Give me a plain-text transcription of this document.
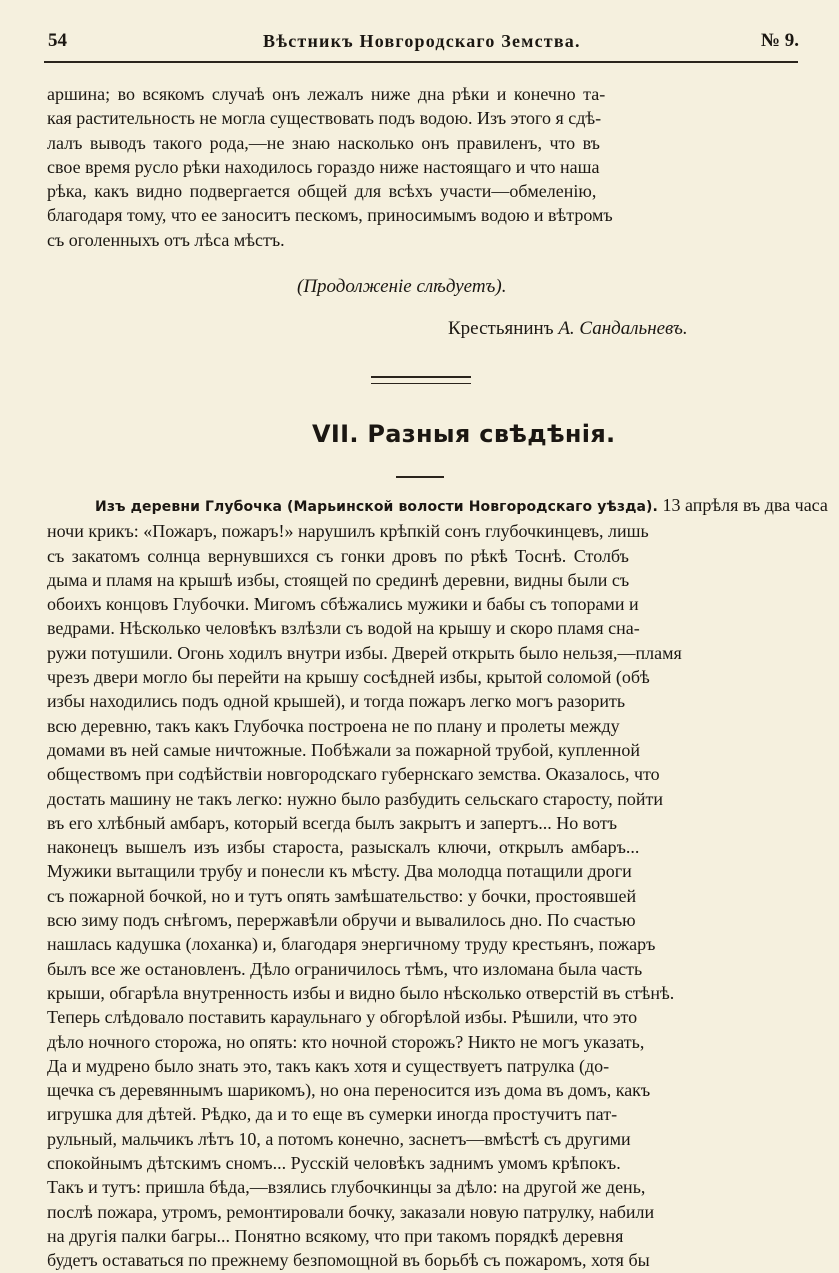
54	Вѣстникъ Новгородскаго Земства.	№ 9.

аршина; во всякомъ случаѣ онъ лежалъ ниже дна рѣки и конечно та-
кая растительность не могла существовать подъ водою. Изъ этого я сдѣ-
лалъ выводъ такого рода,—не знаю насколько онъ правиленъ, что въ
свое время русло рѣки находилось гораздо ниже настоящаго и что наша
рѣка, какъ видно подвергается общей для всѣхъ участи—обмеленію,
благодаря тому, что ее заноситъ пескомъ, приносимымъ водою и вѣтромъ
съ оголенныхъ отъ лѣса мѣстъ.

(Продолженіе слѣдуетъ).
Крестьянинъ А. Сандальневъ.
VII. Разныя свѣдѣнія.

Изъ деревни Глубочка (Марьинской волости Новгородскаго уѣзда). 13 апрѣля въ два часа
ночи крикъ: «Пожаръ, пожаръ!» нарушилъ крѣпкій сонъ глубочкинцевъ, лишь
съ закатомъ солнца вернувшихся съ гонки дровъ по рѣкѣ Тоснѣ. Столбъ
дыма и пламя на крышѣ избы, стоящей по срединѣ деревни, видны были съ
обоихъ концовъ Глубочки. Мигомъ сбѣжались мужики и бабы съ топорами и
ведрами. Нѣсколько человѣкъ взлѣзли съ водой на крышу и скоро пламя сна-
ружи потушили. Огонь ходилъ внутри избы. Дверей открыть было нельзя,—пламя
чрезъ двери могло бы перейти на крышу сосѣдней избы, крытой соломой (обѣ
избы находились подъ одной крышей), и тогда пожаръ легко могъ разорить
всю деревню, такъ какъ Глубочка построена не по плану и пролеты между
домами въ ней самые ничтожные. Побѣжали за пожарной трубой, купленной
обществомъ при содѣйствіи новгородскаго губернскаго земства. Оказалось, что
достать машину не такъ легко: нужно было разбудить сельскаго старосту, пойти
въ его хлѣбный амбаръ, который всегда былъ закрытъ и запертъ... Но вотъ
наконецъ вышелъ изъ избы староста, разыскалъ ключи, открылъ амбаръ...
Мужики вытащили трубу и понесли къ мѣсту. Два молодца потащили дроги
съ пожарной бочкой, но и тутъ опять замѣшательство: у бочки, простоявшей
всю зиму подъ снѣгомъ, перержавѣли обручи и вывалилось дно. По счастью
нашлась кадушка (лоханка) и, благодаря энергичному труду крестьянъ, пожаръ
былъ все же остановленъ. Дѣло ограничилось тѣмъ, что изломана была часть
крыши, обгарѣла внутренность избы и видно было нѣсколько отверстій въ стѣнѣ.
Теперь слѣдовало поставить караульнаго у обгорѣлой избы. Рѣшили, что это
дѣло ночного сторожа, но опять: кто ночной сторожъ? Никто не могъ указать,
Да и мудрено было знать это, такъ какъ хотя и существуетъ патрулка (до-
щечка съ деревяннымъ шарикомъ), но она переносится изъ дома въ домъ, какъ
игрушка для дѣтей. Рѣдко, да и то еще въ сумерки иногда простучитъ пат-
рульный, мальчикъ лѣтъ 10, а потомъ конечно, заснетъ—вмѣстѣ съ другими
спокойнымъ дѣтскимъ сномъ... Русскій человѣкъ заднимъ умомъ крѣпокъ.
Такъ и тутъ: пришла бѣда,—взялись глубочкинцы за дѣло: на другой же день,
послѣ пожара, утромъ, ремонтировали бочку, заказали новую патрулку, набили
на другія палки багры... Понятно всякому, что при такомъ порядкѣ деревня
будетъ оставаться по прежнему безпомощной въ борьбѣ съ пожаромъ, хотя бы
